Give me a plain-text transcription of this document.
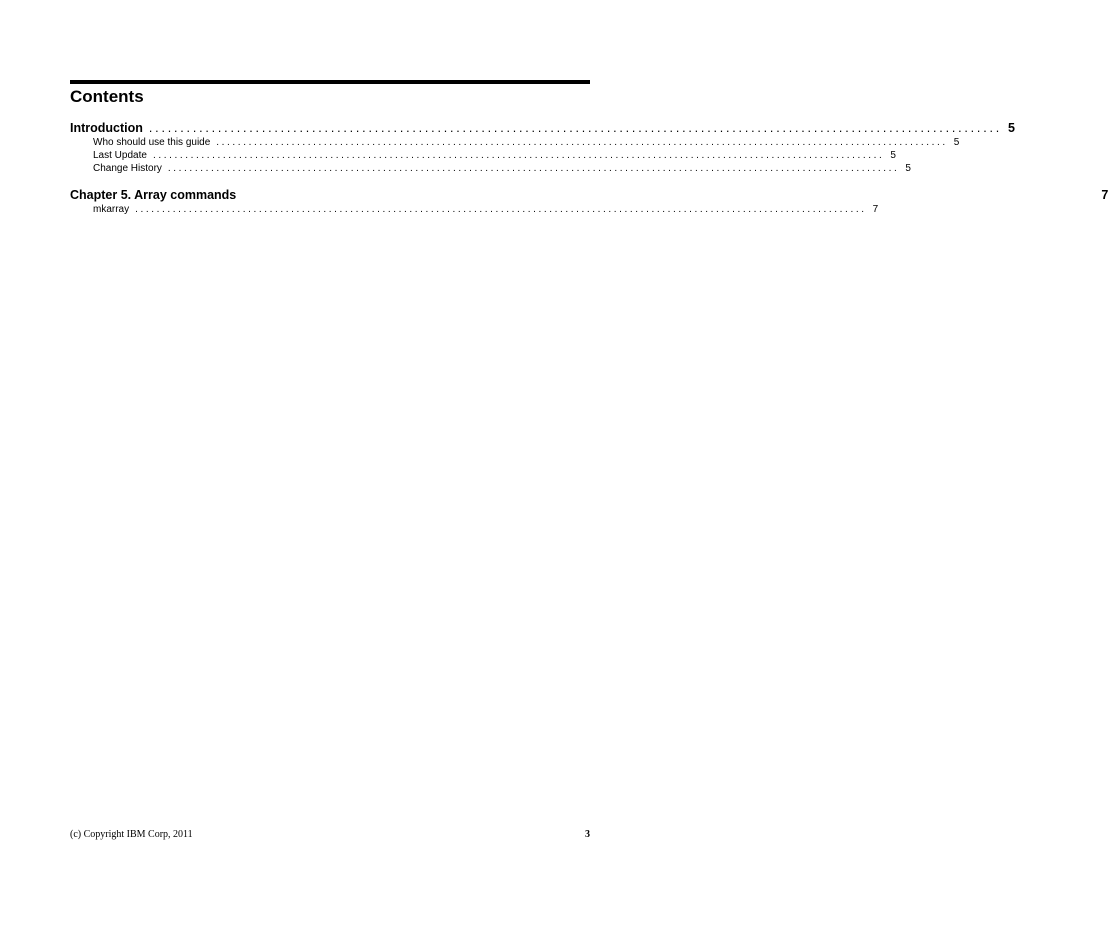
Contents
Introduction ........................................................................................................................................ 5
Who should use this guide ........................................................................................................................................ 5
Last Update ........................................................................................................................................ 5
Change History ........................................................................................................................................ 5
Chapter 5. Array commands	7
mkarray ........................................................................................................................................ 7
(c) Copyright IBM Corp, 2011	3
